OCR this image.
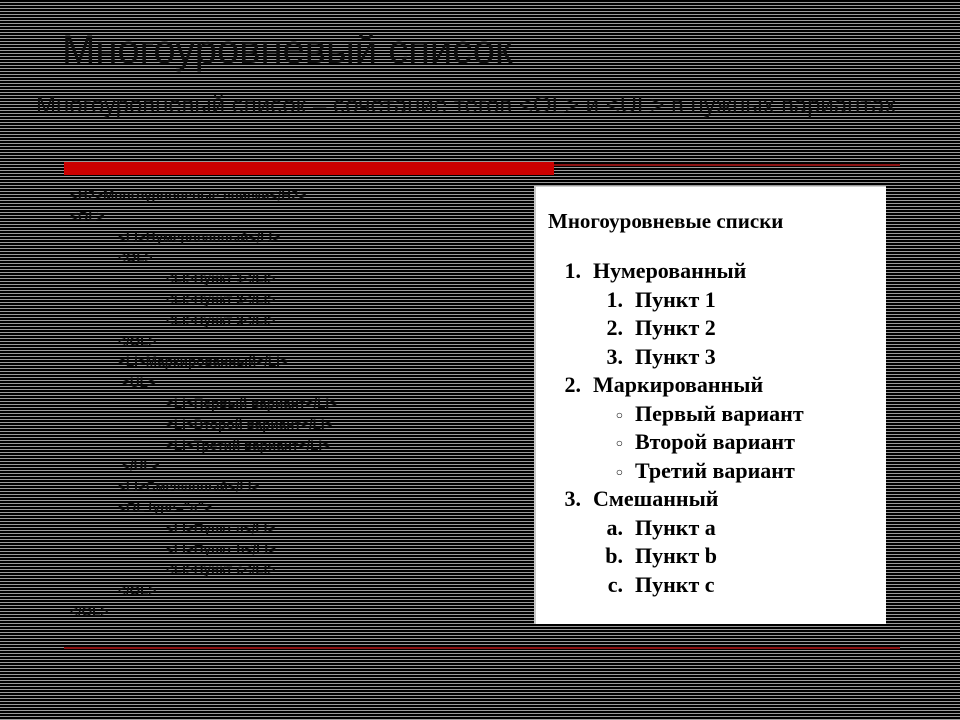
Многоуровневый список
Многоуровневый список – сочетание тегов <OL> и <UL> в нужных вариантах
<H2>Многоуровневые списки</H2>
<OL>
<LI>Нумерованный</LI>
<OL>
<LI>Пункт 1</LI>
<LI>Пункт 2</LI>
<LI>Пункт 3</LI>
</OL>
<LI>Маркированный</LI>
<UL>
<LI>Первый вариант</LI>
<LI>Второй вариант</LI>
<LI>Третий вариант</LI>
</UL>
<LI>Смешанный</LI>
<OL type="a">
<LI>Пункт a</LI>
<LI>Пункт b</LI>
<LI>Пункт c</LI>
</OL>
</OL>
Многоуровневые списки
1. Нумерованный
1. Пункт 1
2. Пункт 2
3. Пункт 3
2. Маркированный
○ Первый вариант
○ Второй вариант
○ Третий вариант
3. Смешанный
a. Пункт a
b. Пункт b
c. Пункт c
